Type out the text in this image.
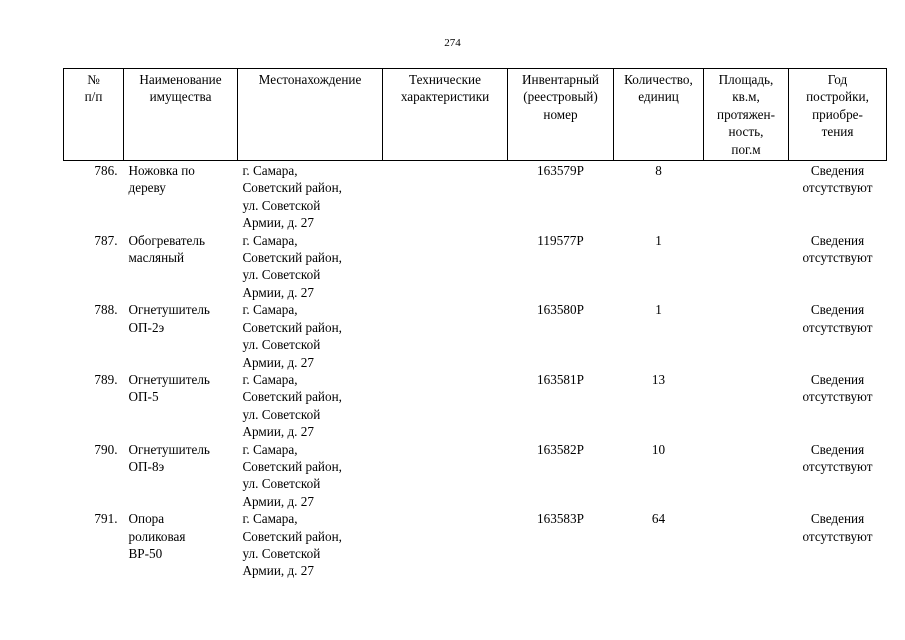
274
№
п/п	Наименование
имущества	Местонахождение	Технические
характеристики	Инвентарный
(реестровый)
номер	Количество,
единиц	Площадь,
кв.м,
протяжен-
ность,
пог.м	Год
постройки,
приобре-
тения
786.	Ножовка по
дереву	г. Самара,
Советский район,
ул. Советской
Армии, д. 27		163579Р	8		Сведения
отсутствуют
787.	Обогреватель
масляный	г. Самара,
Советский район,
ул. Советской
Армии, д. 27		119577Р	1		Сведения
отсутствуют
788.	Огнетушитель
ОП-2э	г. Самара,
Советский район,
ул. Советской
Армии, д. 27		163580Р	1		Сведения
отсутствуют
789.	Огнетушитель
ОП-5	г. Самара,
Советский район,
ул. Советской
Армии, д. 27		163581Р	13		Сведения
отсутствуют
790.	Огнетушитель
ОП-8э	г. Самара,
Советский район,
ул. Советской
Армии, д. 27		163582Р	10		Сведения
отсутствуют
791.	Опора
роликовая
ВР-50	г. Самара,
Советский район,
ул. Советской
Армии, д. 27		163583Р	64		Сведения
отсутствуют
